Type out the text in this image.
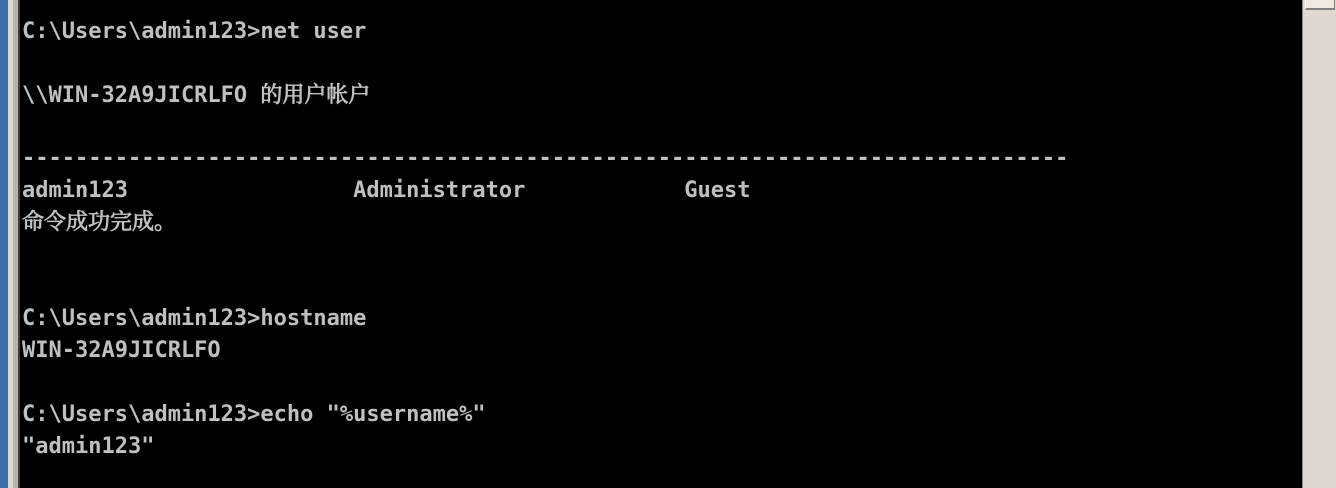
C:\Users\admin123>net user
\\WIN-32A9JICRLFO 的用户帐户
-------------------------------------------------------------------------------
admin123                 Administrator            Guest
命令成功完成。
C:\Users\admin123>hostname
WIN-32A9JICRLFO
C:\Users\admin123>echo "%username%"
"admin123"
